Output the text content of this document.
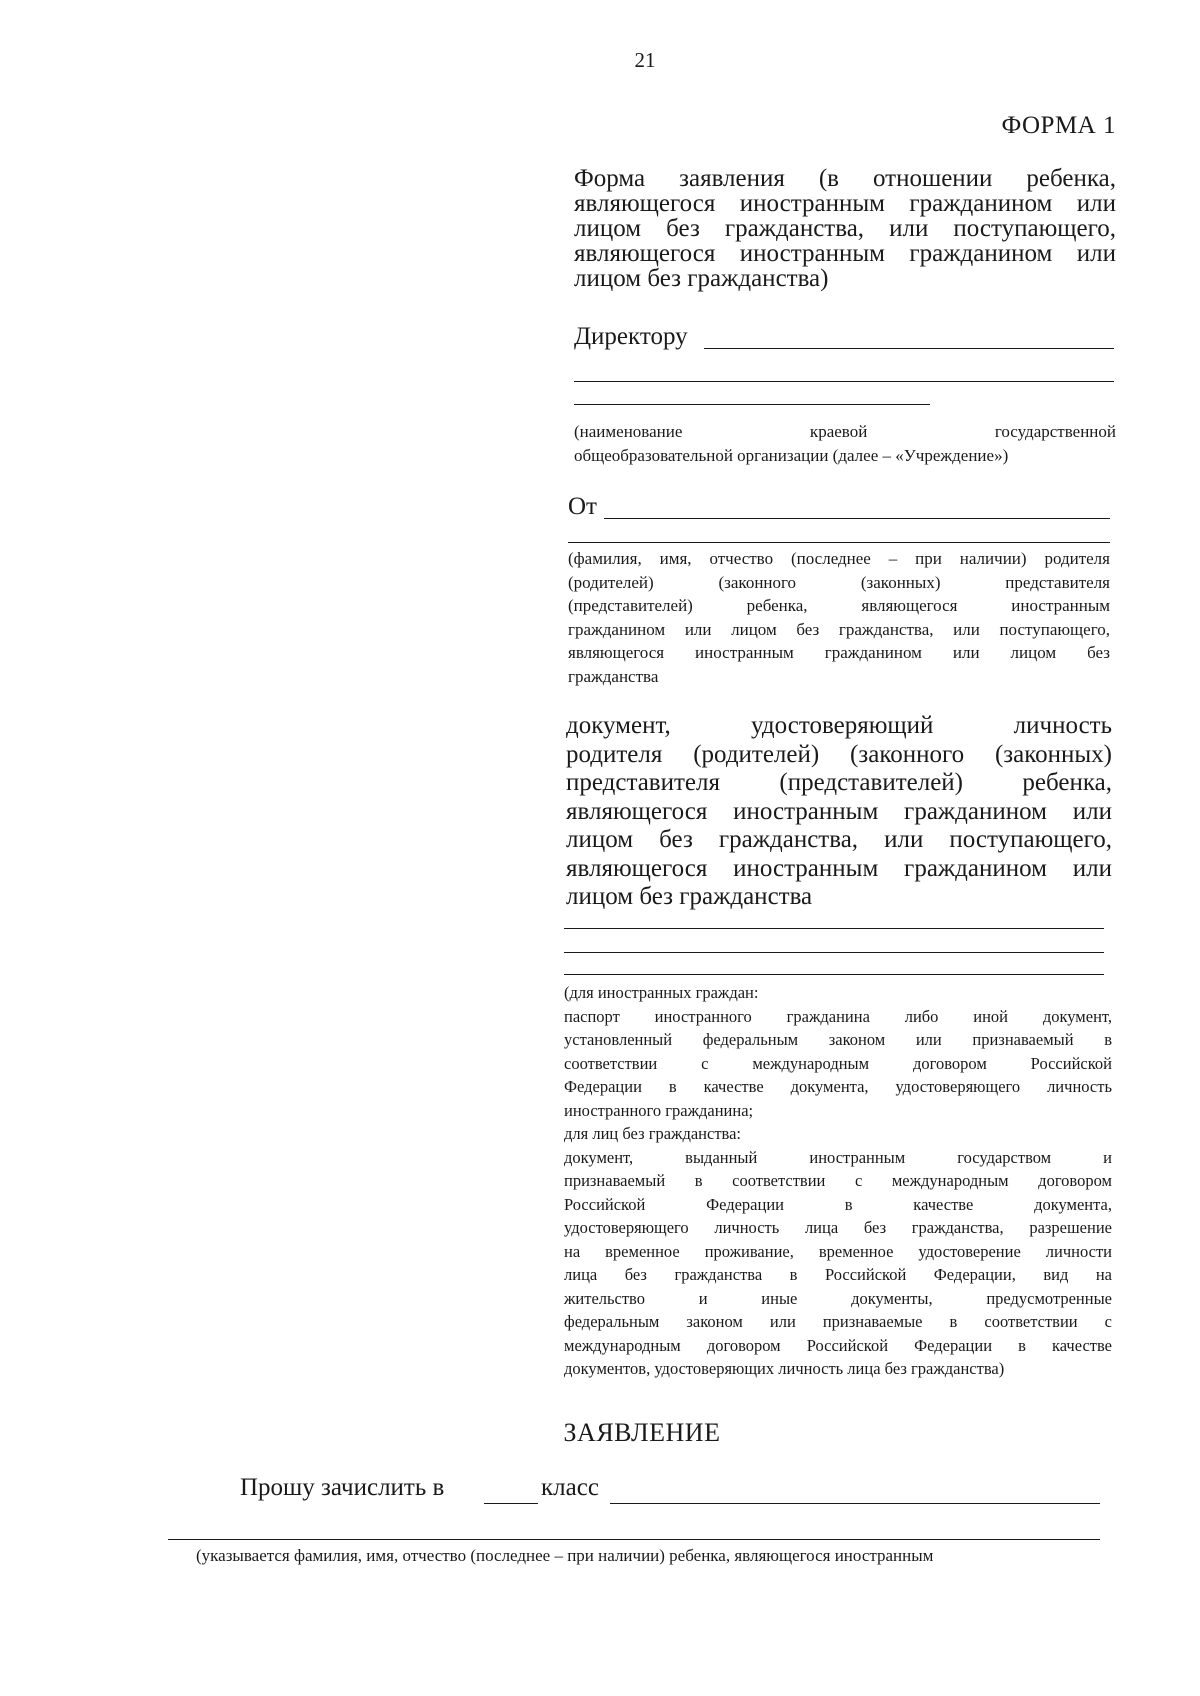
21
ФОРМА 1
Форма заявления (в отношении ребенка,
являющегося иностранным гражданином или
лицом без гражданства, или поступающего,
являющегося иностранным гражданином или
лицом без гражданства)
Директору
(наименование краевой государственной
общеобразовательной организации (далее – «Учреждение»)
От
(фамилия, имя, отчество (последнее – при наличии) родителя
(родителей) (законного (законных) представителя
(представителей) ребенка, являющегося иностранным
гражданином или лицом без гражданства, или поступающего,
являющегося иностранным гражданином или лицом без
гражданства
документ, удостоверяющий личность
родителя (родителей) (законного (законных)
представителя (представителей) ребенка,
являющегося иностранным гражданином или
лицом без гражданства, или поступающего,
являющегося иностранным гражданином или
лицом без гражданства
(для иностранных граждан:
паспорт иностранного гражданина либо иной документ,
установленный федеральным законом или признаваемый в
соответствии с международным договором Российской
Федерации в качестве документа, удостоверяющего личность
иностранного гражданина;
для лиц без гражданства:
документ, выданный иностранным государством и
признаваемый в соответствии с международным договором
Российской Федерации в качестве документа,
удостоверяющего личность лица без гражданства, разрешение
на временное проживание, временное удостоверение личности
лица без гражданства в Российской Федерации, вид на
жительство и иные документы, предусмотренные
федеральным законом или признаваемые в соответствии с
международным договором Российской Федерации в качестве
документов, удостоверяющих личность лица без гражданства)
ЗАЯВЛЕНИЕ
Прошу зачислить в	класс
(указывается фамилия, имя, отчество (последнее – при наличии) ребенка, являющегося иностранным
